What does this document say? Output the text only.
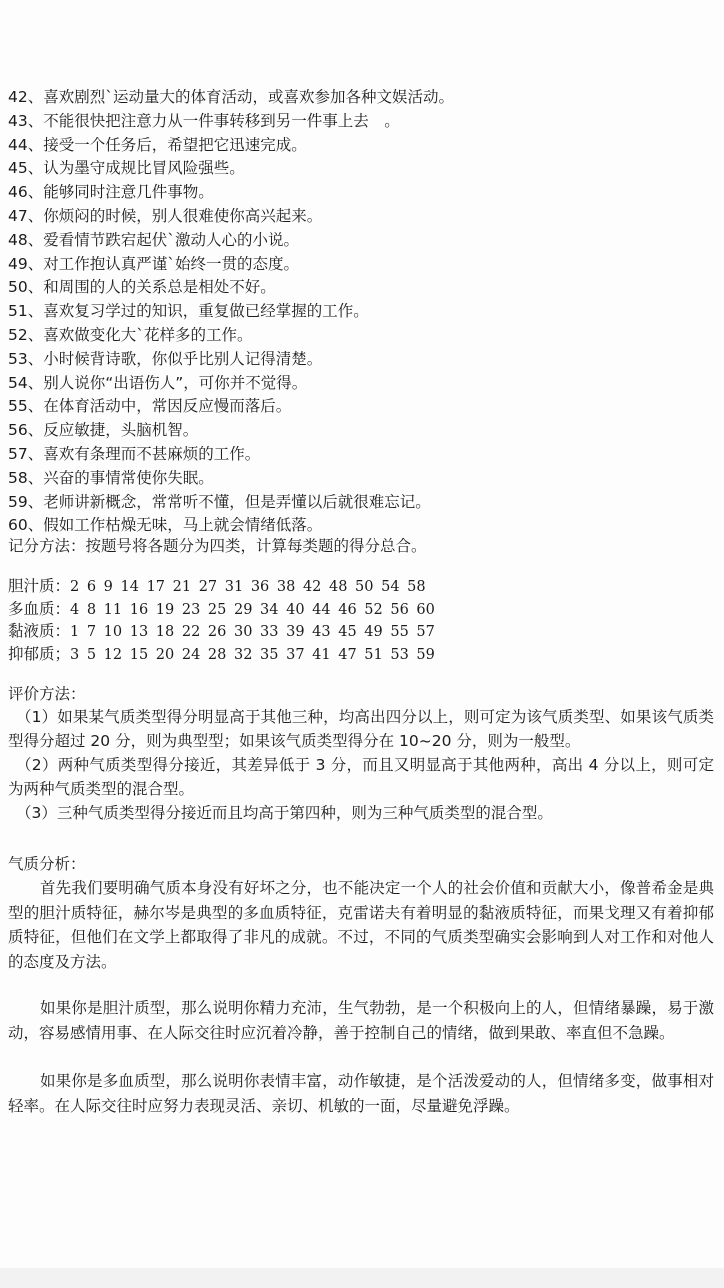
42、喜欢剧烈`运动量大的体育活动，或喜欢参加各种文娱活动。
43、不能很快把注意力从一件事转移到另一件事上去　。
44、接受一个任务后，希望把它迅速完成。
45、认为墨守成规比冒风险强些。
46、能够同时注意几件事物。
47、你烦闷的时候，别人很难使你高兴起来。
48、爱看情节跌宕起伏`激动人心的小说。
49、对工作抱认真严谨`始终一贯的态度。
50、和周围的人的关系总是相处不好。
51、喜欢复习学过的知识，重复做已经掌握的工作。
52、喜欢做变化大`花样多的工作。
53、小时候背诗歌，你似乎比别人记得清楚。
54、别人说你“出语伤人”，可你并不觉得。
55、在体育活动中，常因反应慢而落后。
56、反应敏捷，头脑机智。
57、喜欢有条理而不甚麻烦的工作。
58、兴奋的事情常使你失眠。
59、老师讲新概念，常常听不懂，但是弄懂以后就很难忘记。
60、假如工作枯燥无味，马上就会情绪低落。
记分方法：按题号将各题分为四类，计算每类题的得分总合。
胆汁质：2 6 9 14 17 21 27 31 36 38 42 48 50 54 58
多血质：4 8 11 16 19 23 25 29 34 40 44 46 52 56 60
黏液质：1 7 10 13 18 22 26 30 33 39 43 45 49 55 57
抑郁质；3 5 12 15 20 24 28 32 35 37 41 47 51 53 59
评价方法：
（1）如果某气质类型得分明显高于其他三种，均高出四分以上，则可定为该气质类型、如果该气质类型得分超过 20 分，则为典型型；如果该气质类型得分在 10~20 分，则为一般型。
（2）两种气质类型得分接近，其差异低于 3 分，而且又明显高于其他两种，高出 4 分以上，则可定为两种气质类型的混合型。
（3）三种气质类型得分接近而且均高于第四种，则为三种气质类型的混合型。
气质分析：

首先我们要明确气质本身没有好坏之分，也不能决定一个人的社会价值和贡献大小，像普希金是典型的胆汁质特征，赫尔岑是典型的多血质特征，克雷诺夫有着明显的黏液质特征，而果戈理又有着抑郁质特征，但他们在文学上都取得了非凡的成就。不过，不同的气质类型确实会影响到人对工作和对他人的态度及方法。

如果你是胆汁质型，那么说明你精力充沛，生气勃勃，是一个积极向上的人，但情绪暴躁，易于激动，容易感情用事、在人际交往时应沉着冷静，善于控制自己的情绪，做到果敢、率直但不急躁。

如果你是多血质型，那么说明你表情丰富，动作敏捷，是个活泼爱动的人，但情绪多变，做事相对轻率。在人际交往时应努力表现灵活、亲切、机敏的一面，尽量避免浮躁。
